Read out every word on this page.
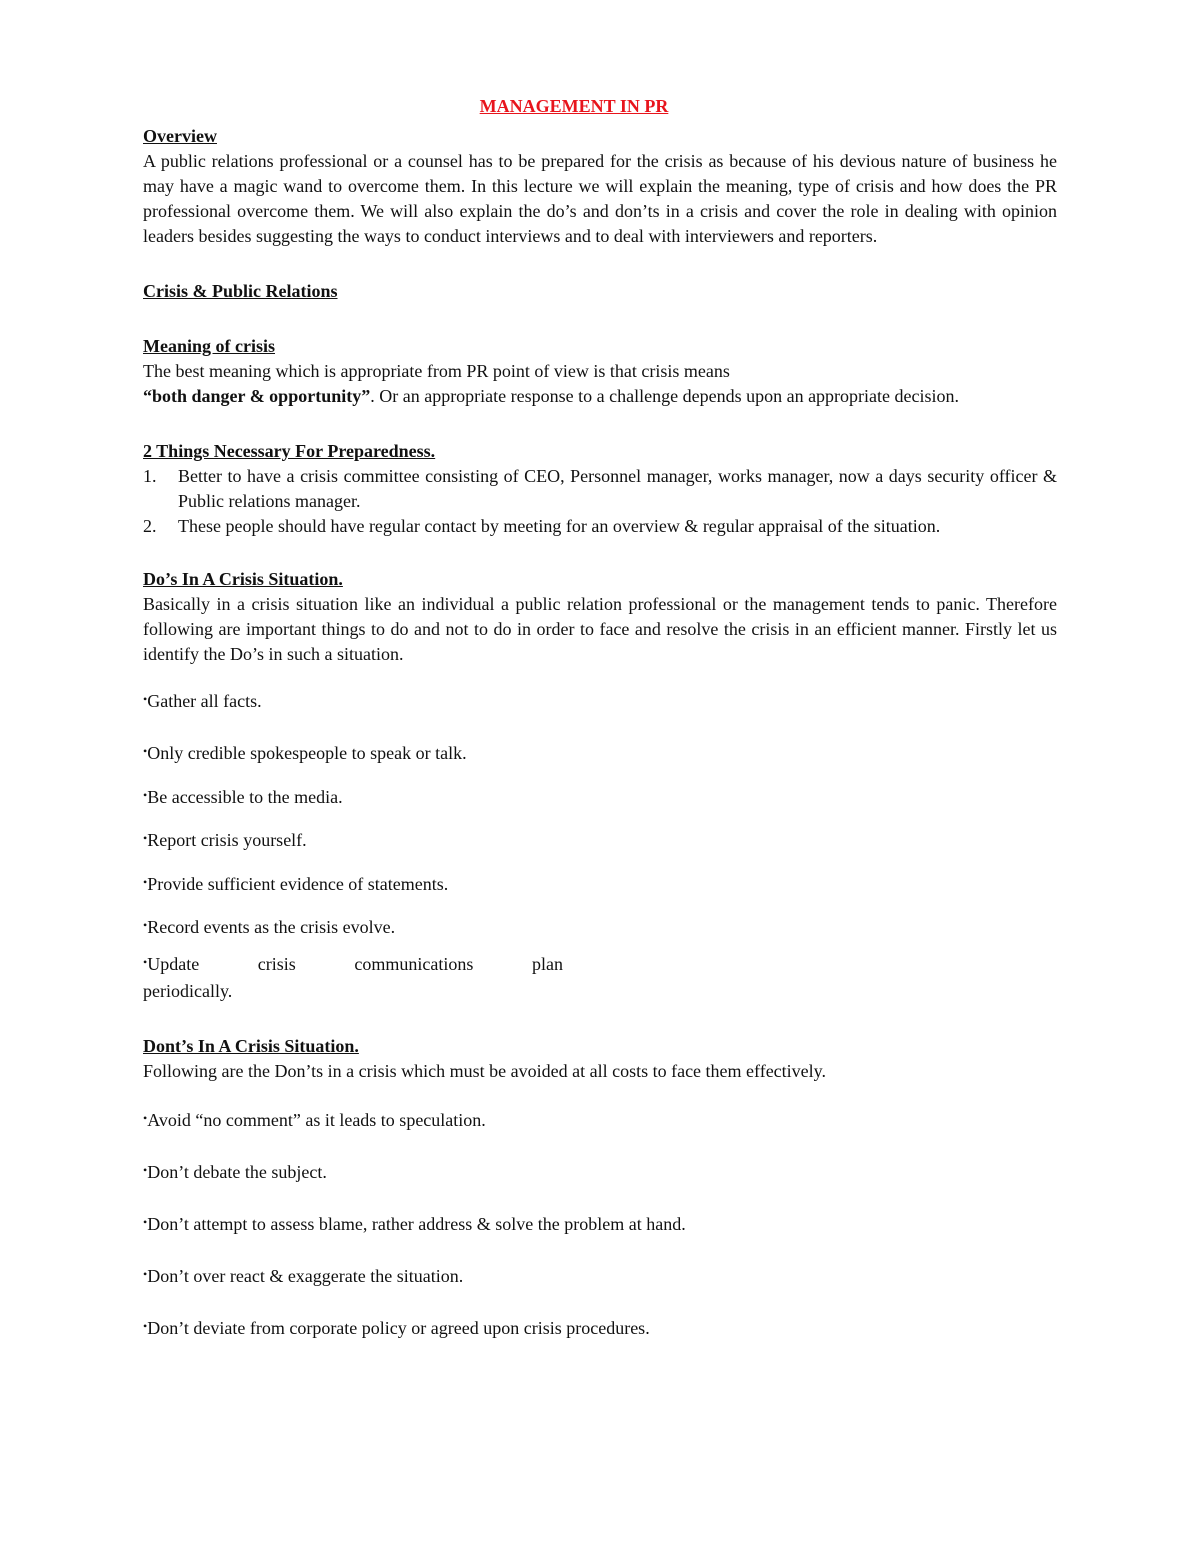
MANAGEMENT IN PR

Overview

A public relations professional or a counsel has to be prepared for the crisis as because of his devious nature of business he may have a magic wand to overcome them. In this lecture we will explain the meaning, type of crisis and how does the PR professional overcome them. We will also explain the do’s and don’ts in a crisis and cover the role in dealing with opinion leaders besides suggesting the ways to conduct interviews and to deal with interviewers and reporters.

Crisis & Public Relations

Meaning of crisis

The best meaning which is appropriate from PR point of view is that crisis means

“both danger & opportunity”. Or an appropriate response to a challenge depends upon an appropriate decision.

2 Things Necessary For Preparedness.

1. Better to have a crisis committee consisting of CEO, Personnel manager, works manager, now a days security officer & Public relations manager.
2. These people should have regular contact by meeting for an overview & regular appraisal of the situation.

Do’s In A Crisis Situation.

Basically in a crisis situation like an individual a public relation professional or the management tends to panic. Therefore following are important things to do and not to do in order to face and resolve the crisis in an efficient manner. Firstly let us identify the Do’s in such a situation.

•Gather all facts.

•Only credible spokespeople to speak or talk.

•Be accessible to the media.

•Report crisis yourself.

•Provide sufficient evidence of statements.

•Record events as the crisis evolve.

•Update crisis communications plan

periodically.

Dont’s In A Crisis Situation.

Following are the Don’ts in a crisis which must be avoided at all costs to face them effectively.

•Avoid “no comment” as it leads to speculation.

•Don’t debate the subject.

•Don’t attempt to assess blame, rather address & solve the problem at hand.

•Don’t over react & exaggerate the situation.

•Don’t deviate from corporate policy or agreed upon crisis procedures.
